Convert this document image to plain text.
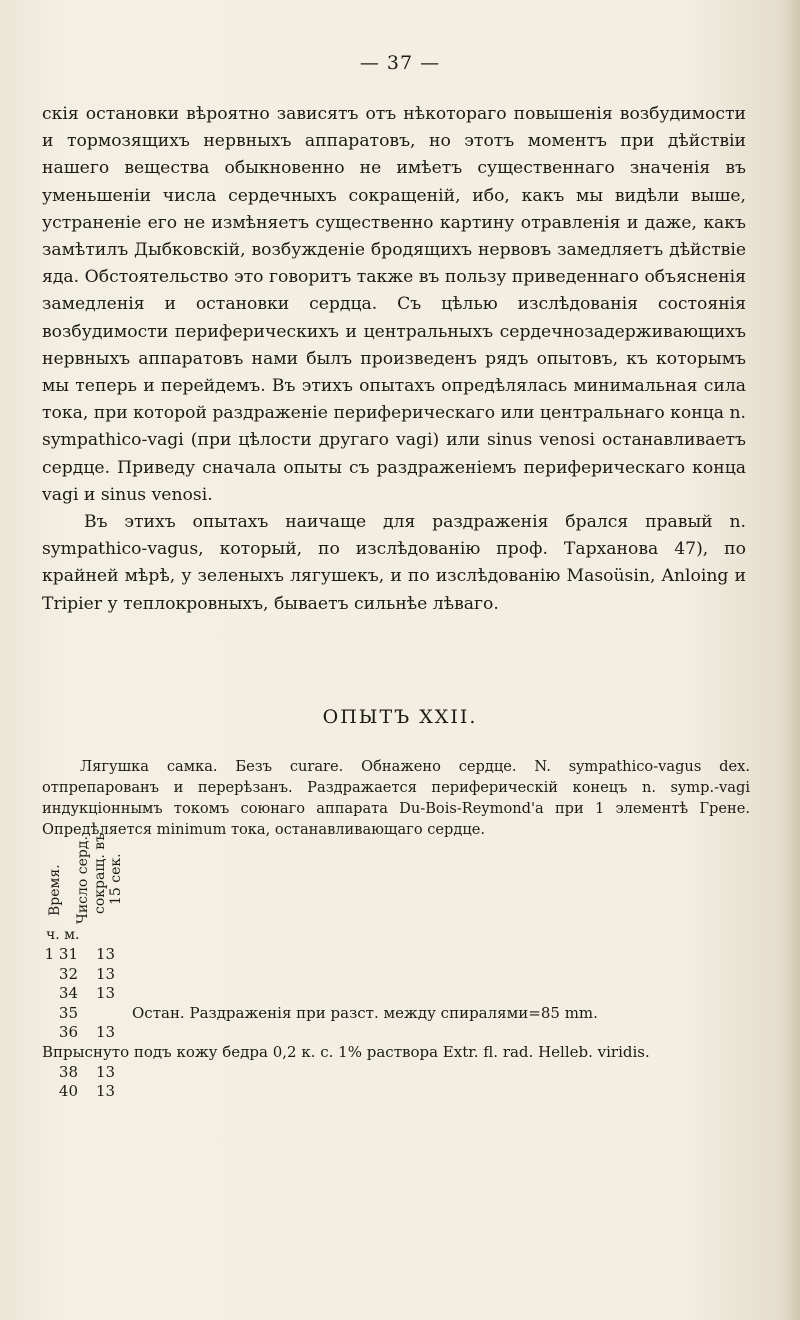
— 37 —

скія остановки вѣроятно зависятъ отъ нѣкотораго повышенія возбудимости и тормозящихъ нервныхъ аппаратовъ, но этотъ моментъ при дѣйствіи нашего вещества обыкновенно не имѣетъ существеннаго значенія въ уменьшеніи числа сердечныхъ сокращеній, ибо, какъ мы видѣли выше, устраненіе его не измѣняетъ существенно картину отравленія и даже, какъ замѣтилъ Дыбковскій, возбужденіе бродящихъ нервовъ замедляетъ дѣйствіе яда. Обстоятельство это говоритъ также въ пользу приведеннаго объясненія замедленія и остановки сердца. Съ цѣлью изслѣдованія состоянія возбудимости периферическихъ и центральныхъ сердечнозадерживающихъ нервныхъ аппаратовъ нами былъ произведенъ рядъ опытовъ, къ которымъ мы теперь и перейдемъ. Въ этихъ опытахъ опредѣлялась минимальная сила тока, при которой раздраженіе периферическаго или центральнаго конца n. sympathico-vagi (при цѣлости другаго vagi) или sinus venosi останавливаетъ сердце. Приведу сначала опыты съ раздраженіемъ периферическаго конца vagi и sinus venosi.

Въ этихъ опытахъ наичаще для раздраженія брался правый n. sympathico-vagus, который, по изслѣдованію проф. Тарханова 47), по крайней мѣрѣ, у зеленыхъ лягушекъ, и по изслѣдованію Masoüsin, Anloing и Tripier у теплокровныхъ, бываетъ сильнѣе лѣваго.

ОПЫТЪ XXII.

Лягушка самка. Безъ curare. Обнажено сердце. N. sympathico-vagus dex. отпрепарованъ и перерѣзанъ. Раздражается периферическій конецъ n. symp.-vagi индукціоннымъ токомъ союнаго аппарата Du-Bois-Reymond'а при 1 элементѣ Грене. Опредѣляется minimum тока, останавливающаго сердце.

Время. Число серд. сокращ. въ 15 сек.
ч. м.
1 31 13
32 13
34 13
35	Остан. Раздраженія при разст. между спиралями=85 mm.
36 13
Впрыснуто подъ кожу бедра 0,2 к. с. 1% раствора Extr. fl. rad. Helleb. viridis.
38 13
40 13
